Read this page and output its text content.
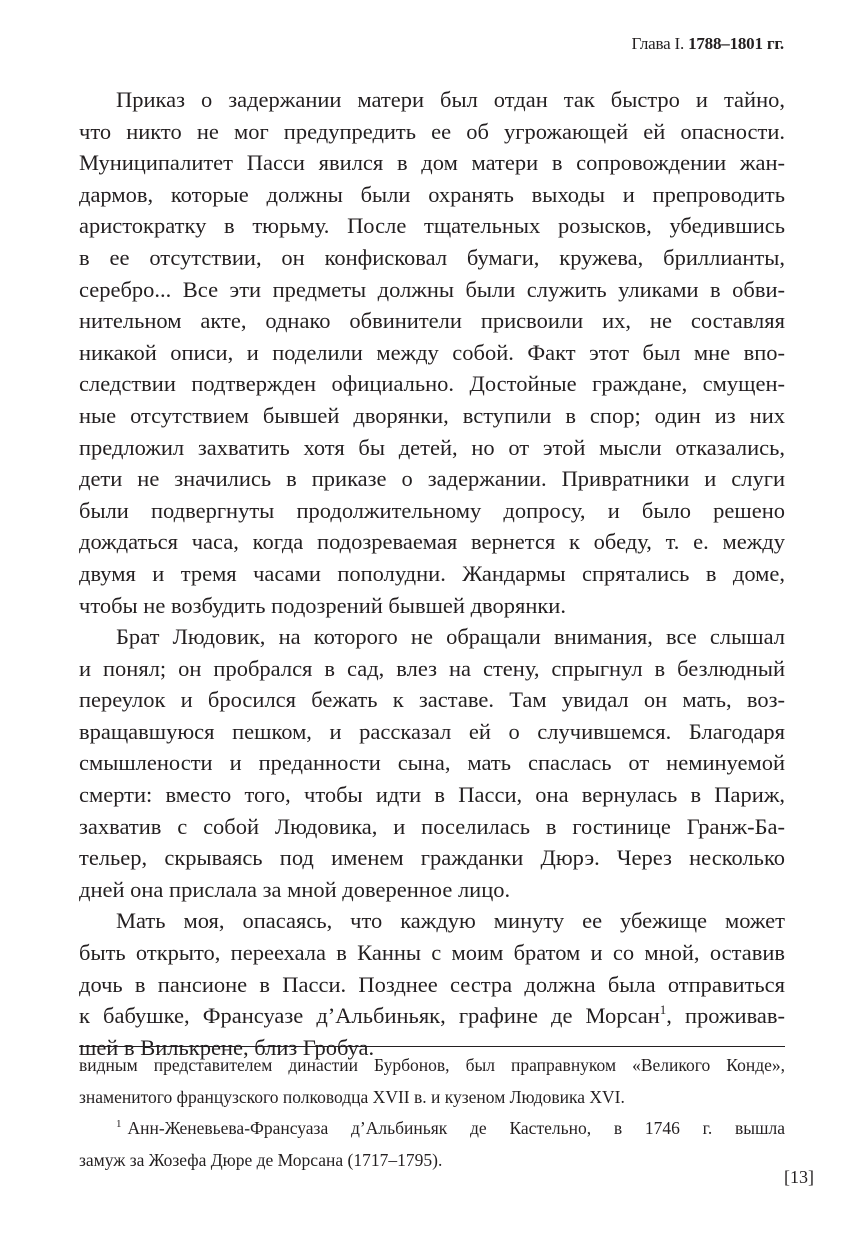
Глава I. 1788–1801 гг.
Приказ о задержании матери был отдан так быстро и тайно,
что никто не мог предупредить ее об угрожающей ей опасности.
Муниципалитет Пасси явился в дом матери в сопровождении жан-
дармов, которые должны были охранять выходы и препроводить
аристократку в тюрьму. После тщательных розысков, убедившись
в ее отсутствии, он конфисковал бумаги, кружева, бриллианты,
серебро... Все эти предметы должны были служить уликами в обви-
нительном акте, однако обвинители присвоили их, не составляя
никакой описи, и поделили между собой. Факт этот был мне впо-
следствии подтвержден официально. Достойные граждане, смущен-
ные отсутствием бывшей дворянки, вступили в спор; один из них
предложил захватить хотя бы детей, но от этой мысли отказались,
дети не значились в приказе о задержании. Привратники и слуги
были подвергнуты продолжительному допросу, и было решено
дождаться часа, когда подозреваемая вернется к обеду, т. е. между
двумя и тремя часами пополудни. Жандармы спрятались в доме,
чтобы не возбудить подозрений бывшей дворянки.
Брат Людовик, на которого не обращали внимания, все слышал
и понял; он пробрался в сад, влез на стену, спрыгнул в безлюдный
переулок и бросился бежать к заставе. Там увидал он мать, воз-
вращавшуюся пешком, и рассказал ей о случившемся. Благодаря
смышлености и преданности сына, мать спаслась от неминуемой
смерти: вместо того, чтобы идти в Пасси, она вернулась в Париж,
захватив с собой Людовика, и поселилась в гостинице Гранж-Ба-
тельер, скрываясь под именем гражданки Дюрэ. Через несколько
дней она прислала за мной доверенное лицо.
Мать моя, опасаясь, что каждую минуту ее убежище может
быть открыто, переехала в Канны с моим братом и со мной, оставив
дочь в пансионе в Пасси. Позднее сестра должна была отправиться
к бабушке, Франсуазе д’Альбиньяк, графине де Морсан$^1$, проживав-
шей в Вилькрене, близ Гробуа.
видным представителем династии Бурбонов, был праправнуком «Великого Конде»,
знаменитого французского полководца XVII в. и кузеном Людовика XVI.
$^1$ Анн-Женевьева-Франсуаза д’Альбиньяк де Кастельно, в 1746 г. вышла
замуж за Жозефа Дюре де Морсана (1717–1795).
[13]
